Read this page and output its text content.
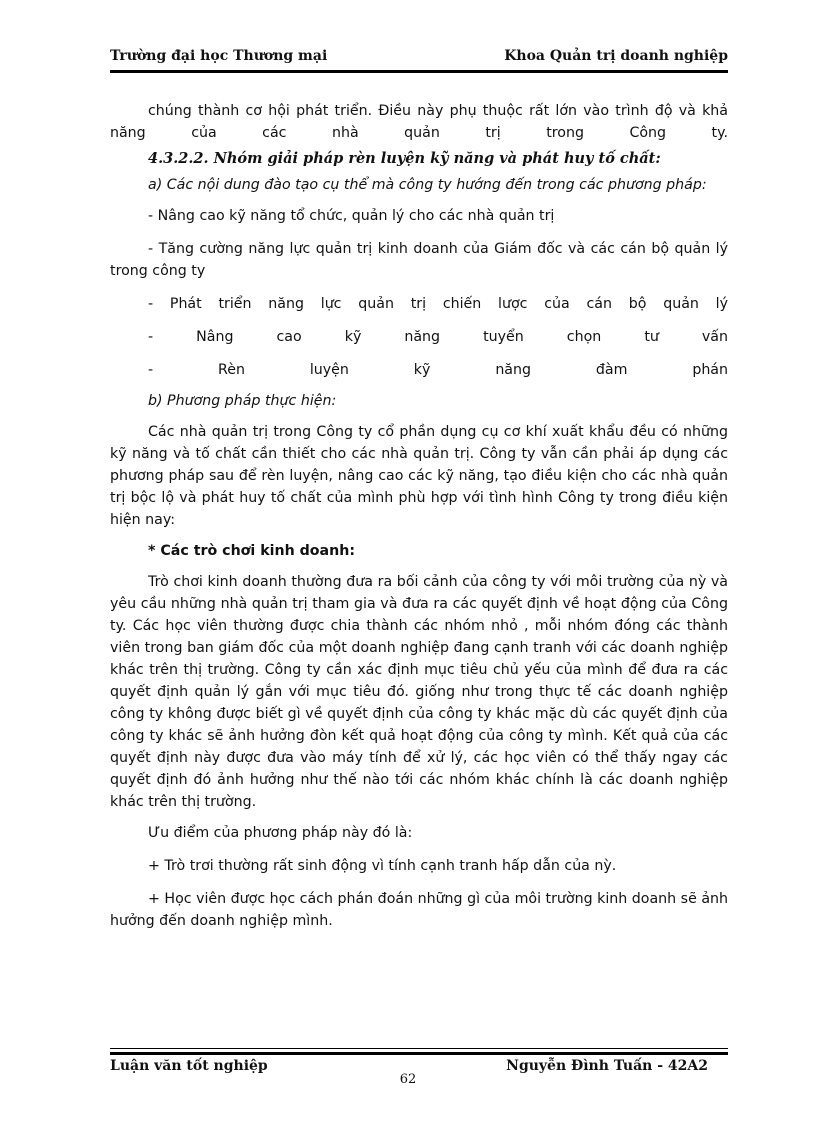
Trường đại học Thương mại	Khoa Quản trị doanh nghiệp

chúng thành cơ hội phát triển. Điều này phụ thuộc rất lớn vào trình độ và khả năng của các nhà quản trị trong Công ty.

4.3.2.2. Nhóm giải pháp rèn luyện kỹ năng và phát huy tố chất:

a) Các nội dung đào tạo cụ thể mà công ty hướng đến trong các phương pháp:

- Nâng cao kỹ năng tổ chức, quản lý cho các nhà quản trị

- Tăng cường năng lực quản trị kinh doanh của Giám đốc và các cán bộ quản lý trong công ty

- Phát triển năng lực quản trị chiến lược của cán bộ quản lý

- Nâng cao kỹ năng tuyển chọn tư vấn

- Rèn luyện kỹ năng đàm phán

b) Phương pháp thực hiện:

Các nhà quản trị trong Công ty cổ phần dụng cụ cơ khí xuất khẩu đều có những kỹ năng và tố chất cần thiết cho các nhà quản trị. Công ty vẫn cần phải áp dụng các phương pháp sau để rèn luyện, nâng cao các kỹ năng, tạo điều kiện cho các nhà quản trị bộc lộ và phát huy tố chất của mình phù hợp với tình hình Công ty trong điều kiện hiện nay:

* Các trò chơi kinh doanh:

Trò chơi kinh doanh thường đưa ra bối cảnh của công ty với môi trường của nỳ và yêu cầu những nhà quản trị tham gia và đưa ra các quyết định về hoạt động của Công ty. Các học viên thường được chia thành các nhóm nhỏ , mỗi nhóm đóng các thành viên trong ban giám đốc của một doanh nghiệp đang cạnh tranh với các doanh nghiệp khác trên thị trường. Công ty cần xác định mục tiêu chủ yếu của mình để đưa ra các quyết định quản lý gắn với mục tiêu đó. giống như trong thực tế các doanh nghiệp công ty không được biết gì về quyết định của công ty khác mặc dù các quyết định của công ty khác sẽ ảnh hưởng đòn kết quả hoạt động của công ty mình. Kết quả của các quyết định này được đưa vào máy tính để xử lý, các học viên có thể thấy ngay các quyết định đó ảnh hưởng như thế nào tới các nhóm khác chính là các doanh nghiệp khác trên thị trường.

Ưu điểm của phương pháp này đó là:

+ Trò trơi thường rất sinh động vì tính cạnh tranh hấp dẫn của nỳ.

+ Học viên được học cách phán đoán những gì của môi trường kinh doanh sẽ ảnh hưởng đến doanh nghiệp mình.

Luận văn tốt nghiệp	Nguyễn Đình Tuấn - 42A2
62
